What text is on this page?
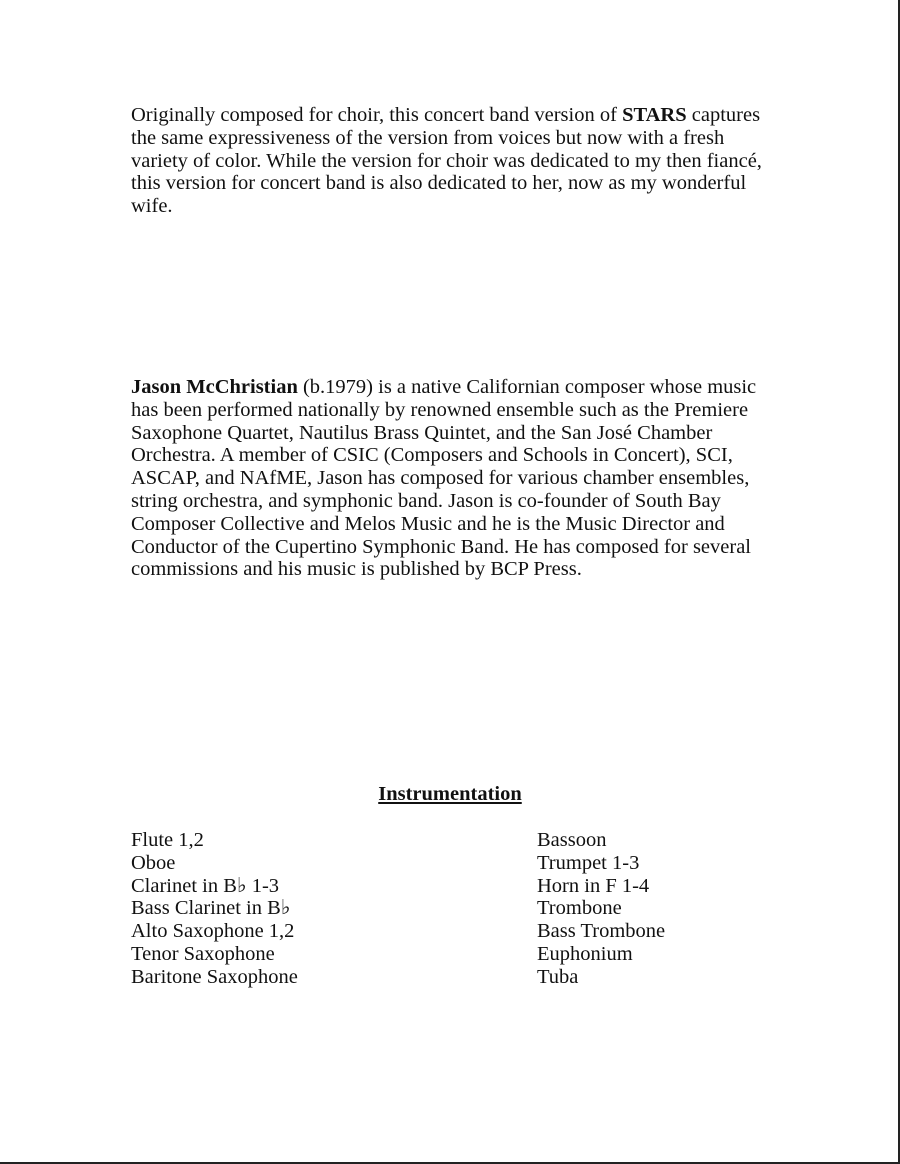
Originally composed for choir, this concert band version of STARS captures the same expressiveness of the version from voices but now with a fresh variety of color. While the version for choir was dedicated to my then fiancé, this version for concert band is also dedicated to her, now as my wonderful wife.

Jason McChristian (b.1979) is a native Californian composer whose music has been performed nationally by renowned ensemble such as the Premiere Saxophone Quartet, Nautilus Brass Quintet, and the San José Chamber Orchestra. A member of CSIC (Composers and Schools in Concert), SCI, ASCAP, and NAfME, Jason has composed for various chamber ensembles, string orchestra, and symphonic band. Jason is co-founder of South Bay Composer Collective and Melos Music and he is the Music Director and Conductor of the Cupertino Symphonic Band. He has composed for several commissions and his music is published by BCP Press.

Instrumentation
Flute 1,2
Oboe
Clarinet in B♭ 1-3
Bass Clarinet in B♭
Alto Saxophone 1,2
Tenor Saxophone
Baritone Saxophone
Bassoon
Trumpet 1-3
Horn in F 1-4
Trombone
Bass Trombone
Euphonium
Tuba
